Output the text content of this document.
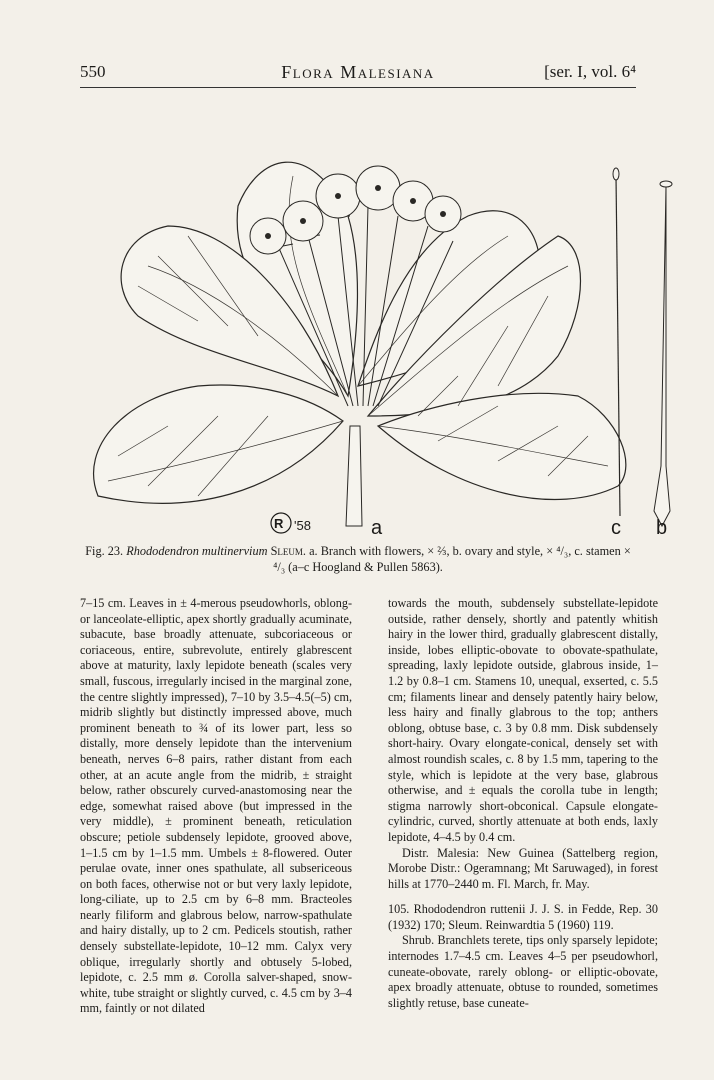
550	Flora Malesiana	[ser. I, vol. 6⁴
R '58	a	c b
Fig. 23. Rhododendron multinervium Sleum. a. Branch with flowers, × ⅔, b. ovary and style, × ⁴/₃, c. stamen × ⁴/₃ (a–c Hoogland & Pullen 5863).

7–15 cm. Leaves in ± 4-merous pseudowhorls, oblong- or lanceolate-elliptic, apex shortly gradually acuminate, subacute, base broadly attenuate, subcoriaceous or coriaceous, entire, subrevolute, entirely glabrescent above at maturity, laxly lepidote beneath (scales very small, fuscous, irregularly incised in the marginal zone, the centre slightly impressed), 7–10 by 3.5–4.5(–5) cm, midrib slightly but distinctly impressed above, much prominent beneath to ¾ of its lower part, less so distally, more densely lepidote than the intervenium beneath, nerves 6–8 pairs, rather distant from each other, at an acute angle from the midrib, ± straight below, rather obscurely curved-anastomosing near the edge, somewhat raised above (but impressed in the very middle), ± prominent beneath, reticulation obscure; petiole subdensely lepidote, grooved above, 1–1.5 cm by 1–1.5 mm. Umbels ± 8-flowered. Outer perulae ovate, inner ones spathulate, all subsericeous on both faces, otherwise not or but very laxly lepidote, long-ciliate, up to 2.5 cm by 6–8 mm. Bracteoles nearly filiform and glabrous below, narrow-spathulate and hairy distally, up to 2 cm. Pedicels stoutish, rather densely substellate-lepidote, 10–12 mm. Calyx very oblique, irregularly shortly and obtusely 5-lobed, lepidote, c. 2.5 mm ø. Corolla salver-shaped, snow-white, tube straight or slightly curved, c. 4.5 cm by 3–4 mm, faintly or not dilated

towards the mouth, subdensely substellate-lepidote outside, rather densely, shortly and patently whitish hairy in the lower third, gradually glabrescent distally, inside, lobes elliptic-obovate to obovate-spathulate, spreading, laxly lepidote outside, glabrous inside, 1–1.2 by 0.8–1 cm. Stamens 10, unequal, exserted, c. 5.5 cm; filaments linear and densely patently hairy below, less hairy and finally glabrous to the top; anthers oblong, obtuse base, c. 3 by 0.8 mm. Disk subdensely short-hairy. Ovary elongate-conical, densely set with almost roundish scales, c. 8 by 1.5 mm, tapering to the style, which is lepidote at the very base, glabrous otherwise, and ± equals the corolla tube in length; stigma narrowly short-obconical. Capsule elongate-cylindric, curved, shortly attenuate at both ends, laxly lepidote, 4–4.5 by 0.4 cm.

Distr. Malesia: New Guinea (Sattelberg region, Morobe Distr.: Ogeramnang; Mt Saruwaged), in forest hills at 1770–2440 m. Fl. March, fr. May.

105. Rhododendron ruttenii J. J. S. in Fedde, Rep. 30 (1932) 170; Sleum. Reinwardtia 5 (1960) 119.

Shrub. Branchlets terete, tips only sparsely lepidote; internodes 1.7–4.5 cm. Leaves 4–5 per pseudowhorl, cuneate-obovate, rarely oblong- or elliptic-obovate, apex broadly attenuate, obtuse to rounded, sometimes slightly retuse, base cuneate-
